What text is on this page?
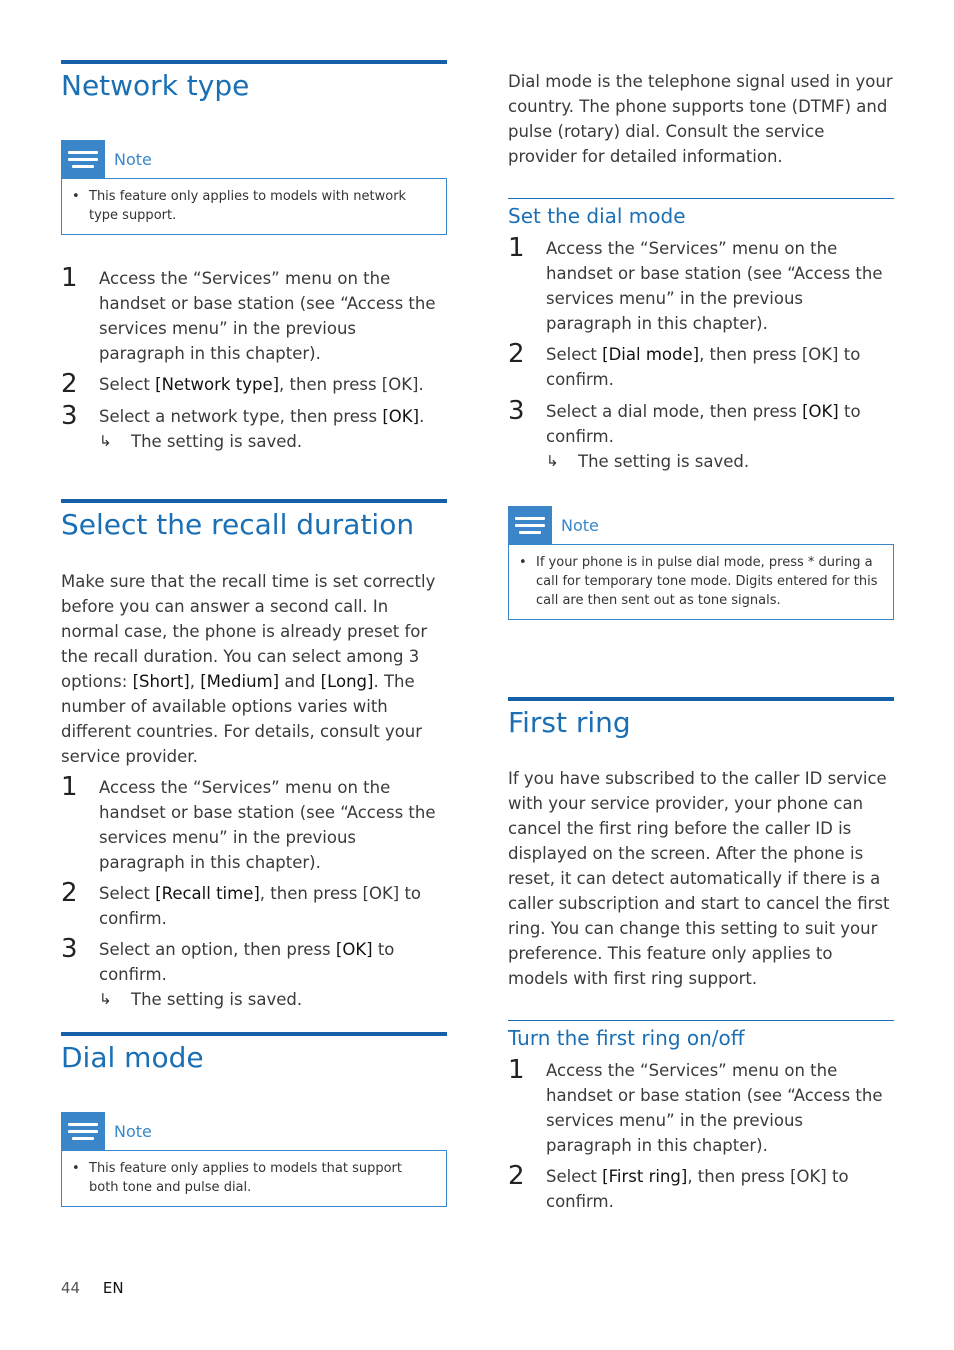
Network type
Note
• This feature only applies to models with network type support.
1 Access the “Services” menu on the handset or base station (see “Access the services menu” in the previous paragraph in this chapter).
2 Select [Network type], then press [OK].
3 Select a network type, then press [OK].
↳ The setting is saved.
Select the recall duration

Make sure that the recall time is set correctly before you can answer a second call. In normal case, the phone is already preset for the recall duration. You can select among 3 options: [Short], [Medium] and [Long]. The number of available options varies with different countries. For details, consult your service provider.

1 Access the “Services” menu on the handset or base station (see “Access the services menu” in the previous paragraph in this chapter).
2 Select [Recall time], then press [OK] to confirm.
3 Select an option, then press [OK] to confirm.
↳ The setting is saved.
Dial mode
Note
• This feature only applies to models that support both tone and pulse dial.

Dial mode is the telephone signal used in your country. The phone supports tone (DTMF) and pulse (rotary) dial. Consult the service provider for detailed information.

Set the dial mode
1 Access the “Services” menu on the handset or base station (see “Access the services menu” in the previous paragraph in this chapter).
2 Select [Dial mode], then press [OK] to confirm.
3 Select a dial mode, then press [OK] to confirm.
↳ The setting is saved.
Note
• If your phone is in pulse dial mode, press * during a call for temporary tone mode. Digits entered for this call are then sent out as tone signals.
First ring

If you have subscribed to the caller ID service with your service provider, your phone can cancel the first ring before the caller ID is displayed on the screen. After the phone is reset, it can detect automatically if there is a caller subscription and start to cancel the first ring. You can change this setting to suit your preference. This feature only applies to models with first ring support.

Turn the first ring on/off
1 Access the “Services” menu on the handset or base station (see “Access the services menu” in the previous paragraph in this chapter).
2 Select [First ring], then press [OK] to confirm.
44 EN
